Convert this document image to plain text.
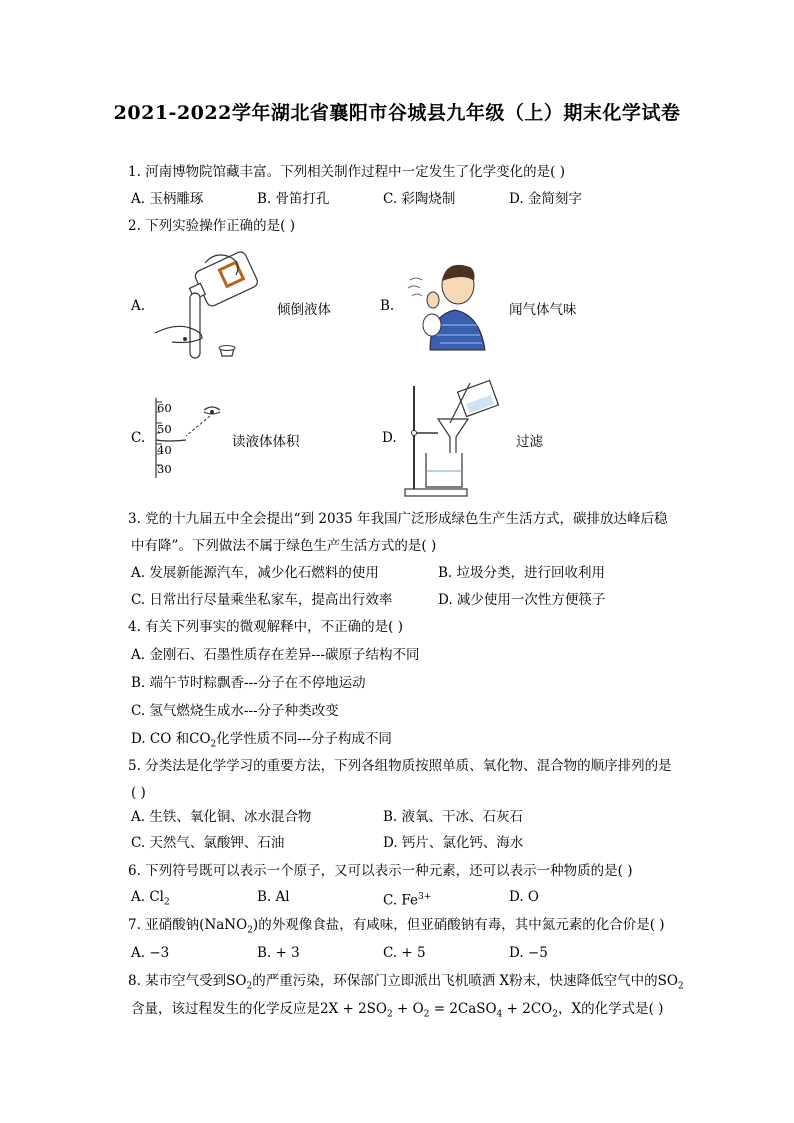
2021-2022学年湖北省襄阳市谷城县九年级（上）期末化学试卷
1. 河南博物院馆藏丰富。下列相关制作过程中一定发生了化学变化的是( )
A. 玉柄雕琢	B. 骨笛打孔	C. 彩陶烧制	D. 金简刻字
2. 下列实验操作正确的是( )
A.	倾倒液体	B.	闻气体气味
C.
60
50
40
30
读液体体积	D.	过滤
3. 党的十九届五中全会提出“到 2035 年我国广泛形成绿色生产生活方式，碳排放达峰后稳
中有降”。下列做法不属于绿色生产生活方式的是( )
A. 发展新能源汽车，减少化石燃料的使用	B. 垃圾分类，进行回收利用
C. 日常出行尽量乘坐私家车，提高出行效率	D. 减少使用一次性方便筷子
4. 有关下列事实的微观解释中，不正确的是( )
A. 金刚石、石墨性质存在差异---碳原子结构不同
B. 端午节时粽飘香---分子在不停地运动
C. 氢气燃烧生成水---分子种类改变
D. CO 和$CO_2$化学性质不同---分子构成不同
5. 分类法是化学学习的重要方法，下列各组物质按照单质、氧化物、混合物的顺序排列的是
( )
A. 生铁、氧化铜、冰水混合物	B. 液氧、干冰、石灰石
C. 天然气、氯酸钾、石油	D. 钙片、氯化钙、海水
6. 下列符号既可以表示一个原子，又可以表示一种元素，还可以表示一种物质的是( )
A. $Cl_2$	B. Al	C. $Fe^{3+}$	D. O
7. 亚硝酸钠(NaNO$_2$)的外观像食盐，有咸味，但亚硝酸钠有毒，其中氮元素的化合价是( )
A. −3	B. + 3	C. + 5	D. −5
8. 某市空气受到$SO_2$的严重污染，环保部门立即派出飞机喷洒 X粉末，快速降低空气中的$SO_2$
含量，该过程发生的化学反应是$2X + 2SO_2 + O_2$ = 2CaSO$_4$ + $2CO_2$，X的化学式是( )
